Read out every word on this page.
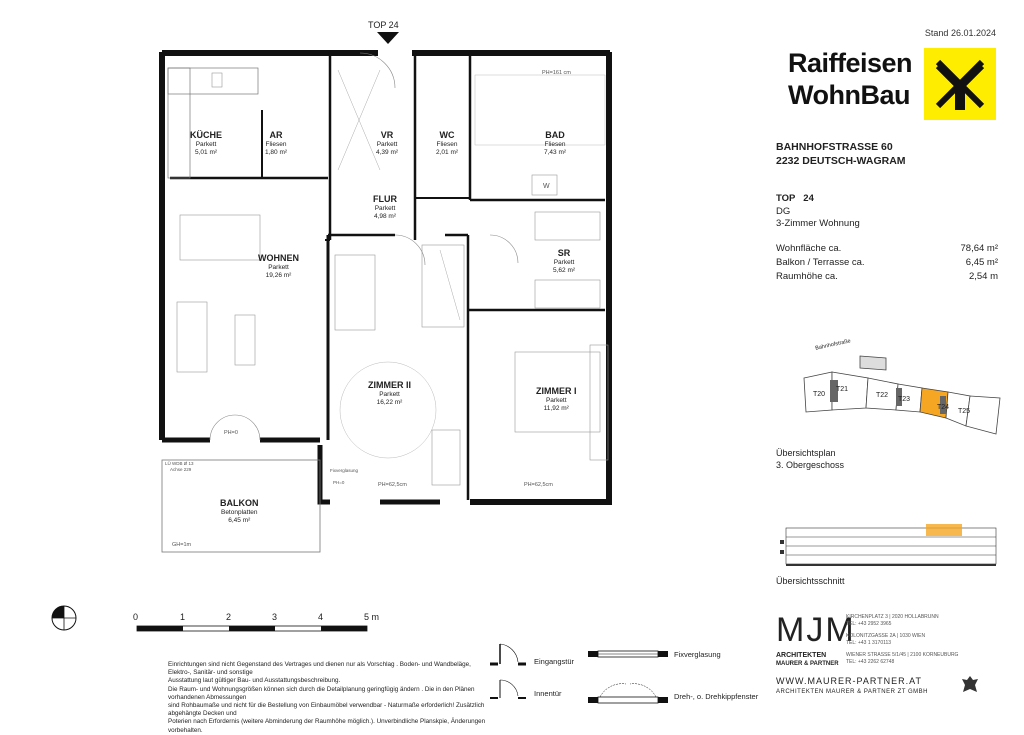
Stand 26.01.2024
TOP 24
KÜCHE
Parkett
5,01 m²
AR
Fliesen
1,80 m²
VR
Parkett
4,39 m²
WC
Fliesen
2,01 m²
BAD
Fliesen
7,43 m²
FLUR
Parkett
4,98 m²
WOHNEN
Parkett
19,26 m²
SR
Parkett
5,62 m²
ZIMMER II
Parkett
16,22 m²
ZIMMER I
Parkett
11,92 m²
BALKON
Betonplatten
6,45 m²
PH=161 cm
W
PH=0
PH=62,5cm	PH=62,5cm
GH=1m
LÜ WDB Ø 13
Achse 229	Fixverglasung
PH=0
0	1	2	3	4	5 m
Einrichtungen sind nicht Gegenstand des Vertrages und dienen nur als Vorschlag . Boden- und Wandbeläge, Elektro-, Sanitär- und sonstige
Ausstattung laut gültiger Bau- und Ausstattungsbeschreibung.
Die Raum- und Wohnungsgrößen können sich durch die Detailplanung geringfügig ändern . Die in den Plänen vorhandenen Abmessungen
sind Rohbaumaße und nicht für die Bestellung von Einbaumöbel verwendbar - Naturmaße erforderlich! Zusätzlich abgehängte Decken und
Poterien nach Erfordernis (weitere Abminderung der Raumhöhe möglich.). Unverbindliche Planskpie, Änderungen vorbehalten.
Eingangstür
Innentür
Fixverglasung
Dreh-, o. Drehkippfenster
Raiffeisen
WohnBau
BAHNHOFSTRASSE 60
2232 DEUTSCH-WAGRAM
TOP 24
DG
3-Zimmer Wohnung
Wohnfläche ca.	78,64 m²
Balkon / Terrasse ca.	6,45 m²
Raumhöhe ca.	2,54 m
Bahnhofstraße
T20
T21
T22
T23
T24
T25
Übersichtsplan
3. Obergeschoss
Übersichtsschnitt
MJM
ARCHITEKTEN
MAURER & PARTNER
KIRCHENPLATZ 3 | 2020 HOLLABRUNN
TEL: +43 2952 3965
KOLONITZGASSE 2A | 1030 WIEN
TEL: +43 1 3170113
WIENER STRASSE 5/1/45 | 2100 KORNEUBURG
TEL: +43 2262 62748
WWW.MAURER-PARTNER.AT
ARCHITEKTEN MAURER & PARTNER ZT GMBH
